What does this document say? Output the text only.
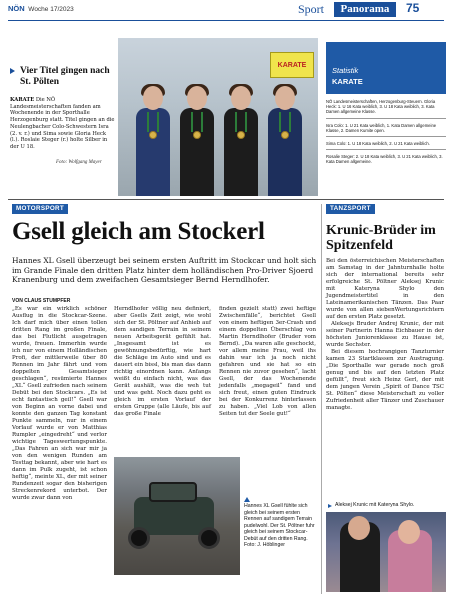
NÖN Woche 17/2023	Sport	Panorama	75
Vier Titel gingen nach St. Pölten
KARATE Die NÖ Landesmeisterschaften fanden am Wochenende in der Sporthalle Herzogenburg statt. Titel gingen an die Neulengbacher Colo-Schwestern Isra (2. v. r.) und Sima sowie Gloria Heck (l.). Roslaie Steger (r.) holte Silber in der U 18.
Foto: Wolfgang Mayer
KARATE
Statistik
KARATE

NÖ Landesmeisterschaften, Herzogenburg-Steuern. Gloria Heck: 1. U 16 Kata weiblich, 3. U 18 Kata weiblich, 3. Kata Damen allgemeine Klasse.

Isra Colo: 1. U 21 Kata weiblich, 1. Kata Damen allgemeine Klasse, 2. Damen Kumite open.

Sima Colo: 1. U 18 Kata weiblich, 2. U 21 Kata weiblich.

Rosalie Steger: 2. U 18 Kata weiblich, 3. U 21 Kata weiblich, 3. Kata Damen allgemeine.

MOTORSPORT
Gsell gleich am Stockerl
Hannes XL Gsell überzeugt bei seinem ersten Auftritt im Stockcar und holt sich im Grande Finale den dritten Platz hinter dem holländischen Pro-Driver Sjoerd Kranenburg und dem zweifachen Gesamtsieger Bernd Herndlhofer.
VON CLAUS STUMPFER
„Es war ein wirklich schöner Ausflug in die Stockcar-Szene. Ich darf mich über einen tollen dritten Rang im großen Finale, das bei Flutlicht ausgetragen wurde, freuen. Immerhin wurde ich nur von einem Holländischen Profi, der mittlerweile über 80 Rennen im Jahr fährt und vom doppelten Gesamtsieger geschlagen“, resümierte Hannes „XL“ Gsell zufrieden nach seinem Debüt bei den Stockcars. „Es ist echt fantastisch geil!“ Gsell war von Beginn an vorne dabei und konnte den ganzen Tag konstant Punkte sammeln, nur in einem Vorlauf wurde er von Matthias Rumpler „eingedreht“ und verlor wichtige Tageswertungspunkte. „Das Fahren an sich war mir ja von den wenigen Runden am Testtag bekannt, aber wie hart es dann im Pulk zugeht, ist schon heftig“, meinte XL, der mit seiner Rundenzeit sogar den bisherigen Streckenrekord unterbot. Der wurde zwar dann von
Herndlhofer völlig neu definiert, aber Gsells Zeit zeigt, wie wohl sich der St. Pöltner auf Anhieb auf dem sandigen Terrain in seinem neuen Arbeitsgerät gefühlt hat. „Insgesamt ist es gewöhnungsbedürftig, wie hart die Schläge im Auto sind und es dauert ein bissl, bis man das dann richtig einordnen kann. Anfangs weißt du einfach nicht, was das Gerät aushält, was die weh tut und was geht. Noch dazu geht es gleich im ersten Vorlauf der ersten Gruppe (alle Läufe, bis auf das große Finale
finden gezielt statt) zwei heftige Zwischenfälle“, berichtet Gsell von einem heftigen 3er-Crash und einem doppelten Überschlag von Martin Herndlhofer (Bruder vom Bernd). „Da waren alle geschockt, vor allem meine Frau, weil ihs dahin war ich ja noch nicht gefahren und sie hat so ein Rennen nie zuvor gesehen“, lacht Gsell, der das Wochenende jedenfalls „megageil“ fand und sich freut, einen guten Eindruck bei der Konkurrenz hinterlassen zu haben. „Viel Lob von allen Seiten tut der Seele gut!“
Hannes XL Gsell fühlte sich gleich bei seinem ersten Rennen auf sandigem Terrain pudelwohl. Der St. Pöltner fuhr gleich bei seinem Stockcar-Debüt auf den dritten Rang. Foto: J. Höblinger
TANZSPORT
Krunic-Brüder im Spitzenfeld

Bei den österreichischen Meisterschaften am Samstag in der Jahnturnhalle holte sich der international bereits sehr erfolgreiche St. Pöltner Aleksej Krunic mit Kateryna Shylo den Jugendmeistertitel in den Lateinamerikanischen Tänzen. Das Paar wurde von allen siebenWertungsrichtern auf den ersten Platz gesetzt.

Aleksejs Bruder Andrej Krunic, der mit seiner Partnerin Hanna Eichbauer in der höchsten Juniorenklasse zu Hause ist, wurde Sechster.

Bei diesem hochrangigen Tanzturnier kamen 23 Startklassen zur Austragung. „Die Sporthalle war gerade noch groß genug und bis auf den letzten Platz gefüllt“, freut sich Heinz Gerl, der mit dem jungen Verein „Spirit of Dance TSC St. Pölten“ diese Meisterschaft zu voller Zufriedenheit aller Tänzer und Zuschauer managte.

Aleksej Krunic mit Kateryna Shylo.
